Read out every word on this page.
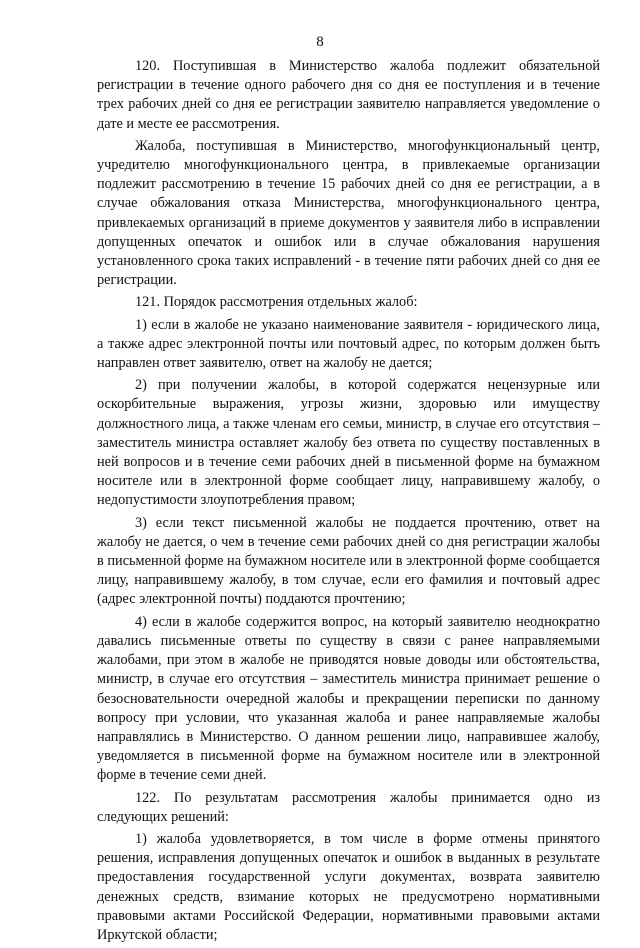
8

120. Поступившая в Министерство жалоба подлежит обязательной регистрации в течение одного рабочего дня со дня ее поступления и в течение трех рабочих дней со дня ее регистрации заявителю направляется уведомление о дате и месте ее рассмотрения.

Жалоба, поступившая в Министерство, многофункциональный центр, учредителю многофункционального центра, в привлекаемые организации подлежит рассмотрению в течение 15 рабочих дней со дня ее регистрации, а в случае обжалования отказа Министерства, многофункционального центра, привлекаемых организаций в приеме документов у заявителя либо в исправлении допущенных опечаток и ошибок или в случае обжалования нарушения установленного срока таких исправлений - в течение пяти рабочих дней со дня ее регистрации.

121. Порядок рассмотрения отдельных жалоб:

1) если в жалобе не указано наименование заявителя - юридического лица, а также адрес электронной почты или почтовый адрес, по которым должен быть направлен ответ заявителю, ответ на жалобу не дается;

2) при получении жалобы, в которой содержатся нецензурные или оскорбительные выражения, угрозы жизни, здоровью или имуществу должностного лица, а также членам его семьи, министр, в случае его отсутствия – заместитель министра оставляет жалобу без ответа по существу поставленных в ней вопросов и в течение семи рабочих дней в письменной форме на бумажном носителе или в электронной форме сообщает лицу, направившему жалобу, о недопустимости злоупотребления правом;

3) если текст письменной жалобы не поддается прочтению, ответ на жалобу не дается, о чем в течение семи рабочих дней со дня регистрации жалобы в письменной форме на бумажном носителе или в электронной форме сообщается лицу, направившему жалобу, в том случае, если его фамилия и почтовый адрес (адрес электронной почты) поддаются прочтению;

4) если в жалобе содержится вопрос, на который заявителю неоднократно давались письменные ответы по существу в связи с ранее направляемыми жалобами, при этом в жалобе не приводятся новые доводы или обстоятельства, министр, в случае его отсутствия – заместитель министра принимает решение о безосновательности очередной жалобы и прекращении переписки по данному вопросу при условии, что указанная жалоба и ранее направляемые жалобы направлялись в Министерство. О данном решении лицо, направившее жалобу, уведомляется в письменной форме на бумажном носителе или в электронной форме в течение семи дней.

122. По результатам рассмотрения жалобы принимается одно из следующих решений:

1) жалоба удовлетворяется, в том числе в форме отмены принятого решения, исправления допущенных опечаток и ошибок в выданных в результате предоставления государственной услуги документах, возврата заявителю денежных средств, взимание которых не предусмотрено нормативными правовыми актами Российской Федерации, нормативными правовыми актами Иркутской области;
